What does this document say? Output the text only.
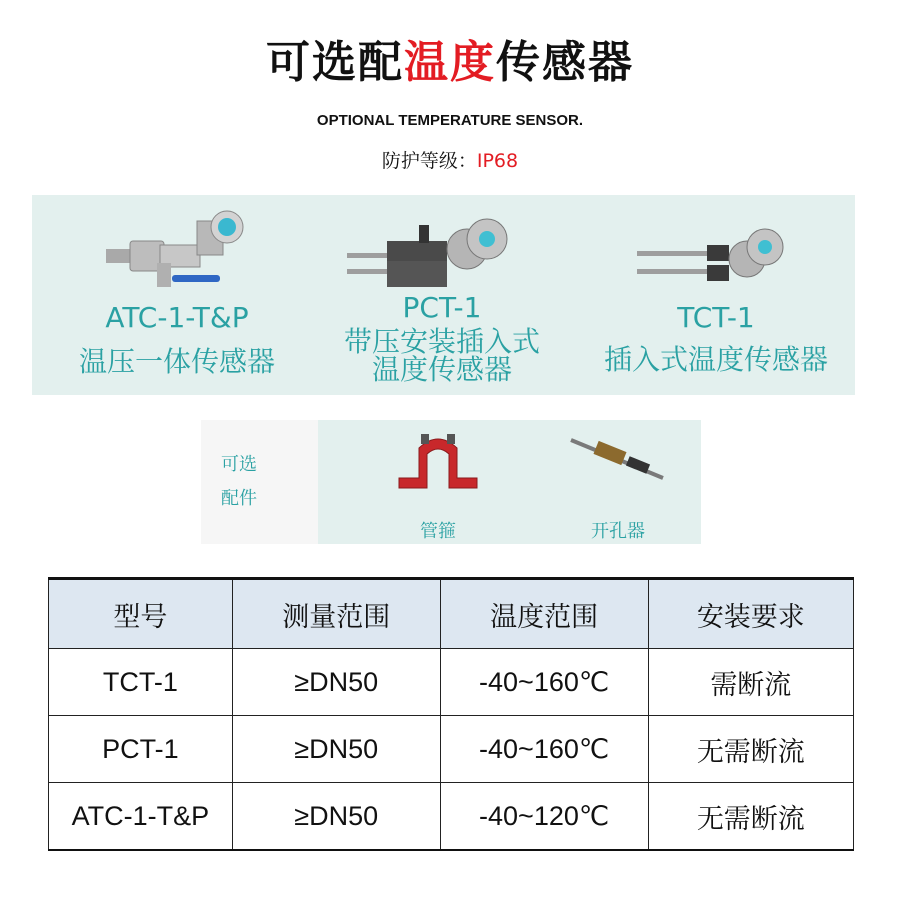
可选配温度传感器
OPTIONAL TEMPERATURE SENSOR.
防护等级：IP68
ATC-1-T&P
温压一体传感器
PCT-1
带压安装插入式
温度传感器
TCT-1
插入式温度传感器
可选
配件
管箍	开孔器
型号	测量范围	温度范围	安装要求
TCT-1	≥DN50	-40~160℃	需断流
PCT-1	≥DN50	-40~160℃	无需断流
ATC-1-T&P	≥DN50	-40~120℃	无需断流
